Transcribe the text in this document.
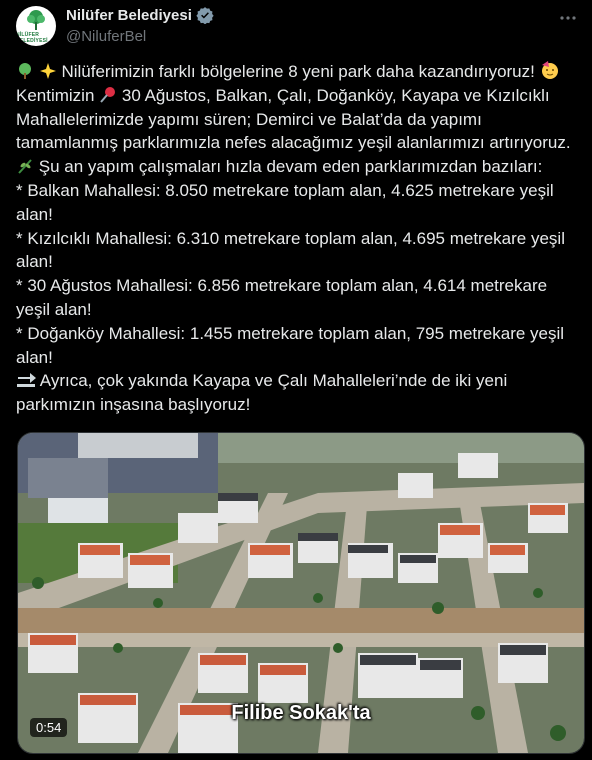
NİLÜFER BELEDİYESİ
Nilüfer Belediyesi
@NiluferBel
Nilüferimizin farklı bölgelerine 8 yeni park daha kazandırıyoruz!
Kentimizin 30 Ağustos, Balkan, Çalı, Doğanköy, Kayapa ve Kızılcıklı
Mahallelerimizde yapımı süren; Demirci ve Balat’da da yapımı
tamamlanmış parklarımızla nefes alacağımız yeşil alanlarımızı artırıyoruz.
Şu an yapım çalışmaları hızla devam eden parklarımızdan bazıları:
* Balkan Mahallesi: 8.050 metrekare toplam alan, 4.625 metrekare yeşil
alan!
* Kızılcıklı Mahallesi: 6.310 metrekare toplam alan, 4.695 metrekare yeşil
alan!
* 30 Ağustos Mahallesi: 6.856 metrekare toplam alan, 4.614 metrekare
yeşil alan!
* Doğanköy Mahallesi: 1.455 metrekare toplam alan, 795 metrekare yeşil
alan!
Ayrıca, çok yakında Kayapa ve Çalı Mahalleleri’nde de iki yeni
parkımızın inşasına başlıyoruz!
Filibe Sokak'ta
0:54
